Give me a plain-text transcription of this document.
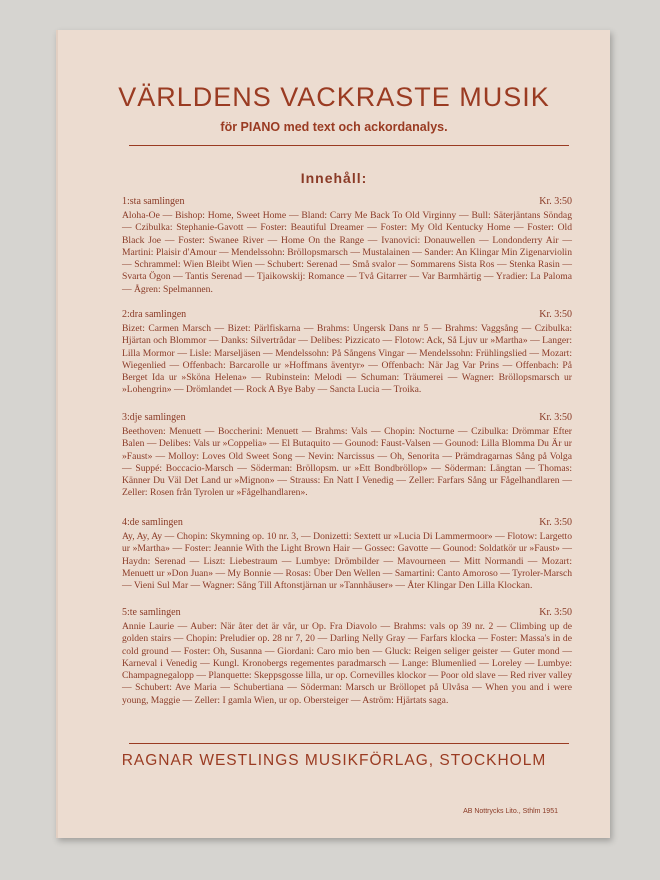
VÄRLDENS VACKRASTE MUSIK
för PIANO med text och ackordanalys.
Innehåll:
1:sta samlingen	Kr. 3:50

Aloha-Oe — Bishop: Home, Sweet Home — Bland: Carry Me Back To Old Virginny — Bull: Säterjäntans Söndag — Czibulka: Stephanie-Gavott — Foster: Beautiful Dreamer — Foster: My Old Kentucky Home — Foster: Old Black Joe — Foster: Swanee River — Home On the Range — Ivanovici: Donauwellen — Londonderry Air — Martini: Plaisir d'Amour — Mendelssohn: Bröllopsmarsch — Mustalainen — Sander: An Klingar Min Zigenarviolin — Schrammel: Wien Bleibt Wien — Schubert: Serenad — Små svalor — Sommarens Sista Ros — Stenka Rasin — Svarta Ögon — Tantis Serenad — Tjaikowskij: Romance — Två Gitarrer — Var Barmhärtig — Yradier: La Paloma — Ågren: Spelmannen.

2:dra samlingen	Kr. 3:50

Bizet: Carmen Marsch — Bizet: Pärlfiskarna — Brahms: Ungersk Dans nr 5 — Brahms: Vaggsång — Czibulka: Hjärtan och Blommor — Danks: Silvertrådar — Delibes: Pizzicato — Flotow: Ack, Så Ljuv ur »Martha» — Langer: Lilla Mormor — Lisle: Marseljäsen — Mendelssohn: På Sångens Vingar — Mendelssohn: Frühlingslied — Mozart: Wiegenlied — Offenbach: Barcarolle ur »Hoffmans äventyr» — Offenbach: När Jag Var Prins — Offenbach: På Berget Ida ur »Sköna Helena» — Rubinstein: Melodi — Schuman: Träumerei — Wagner: Bröllopsmarsch ur »Lohengrin» — Drömlandet — Rock A Bye Baby — Sancta Lucia — Troika.

3:dje samlingen	Kr. 3:50

Beethoven: Menuett — Boccherini: Menuett — Brahms: Vals — Chopin: Nocturne — Czibulka: Drömmar Efter Balen — Delibes: Vals ur »Coppelia» — El Butaquito — Gounod: Faust-Valsen — Gounod: Lilla Blomma Du Är ur »Faust» — Molloy: Loves Old Sweet Song — Nevin: Narcissus — Oh, Senorita — Prämdragarnas Sång på Volga — Suppé: Boccacio-Marsch — Söderman: Bröllopsm. ur »Ett Bondbröllop» — Söderman: Längtan — Thomas: Känner Du Väl Det Land ur »Mignon» — Strauss: En Natt I Venedig — Zeller: Farfars Sång ur Fågelhandlaren — Zeller: Rosen från Tyrolen ur »Fågelhandlaren».

4:de samlingen	Kr. 3:50

Ay, Ay, Ay — Chopin: Skymning op. 10 nr. 3, — Donizetti: Sextett ur »Lucia Di Lammermoor» — Flotow: Largetto ur »Martha» — Foster: Jeannie With the Light Brown Hair — Gossec: Gavotte — Gounod: Soldatkör ur »Faust» — Haydn: Serenad — Liszt: Liebestraum — Lumbye: Drömbilder — Mavourneen — Mitt Normandi — Mozart: Menuett ur »Don Juan» — My Bonnie — Rosas: Über Den Wellen — Samartini: Canto Amoroso — Tyroler-Marsch — Vieni Sul Mar — Wagner: Sång Till Aftonstjärnan ur »Tannhäuser» — Åter Klingar Den Lilla Klockan.

5:te samlingen	Kr. 3:50

Annie Laurie — Auber: När åter det är vår, ur Op. Fra Diavolo — Brahms: vals op 39 nr. 2 — Climbing up de golden stairs — Chopin: Preludier op. 28 nr 7, 20 — Darling Nelly Gray — Farfars klocka — Foster: Massa's in de cold ground — Foster: Oh, Susanna — Giordani: Caro mio ben — Gluck: Reigen seliger geister — Guter mond — Karneval i Venedig — Kungl. Kronobergs regementes paradmarsch — Lange: Blumenlied — Loreley — Lumbye: Champagnegalopp — Planquette: Skeppsgosse lilla, ur op. Cornevilles klockor — Poor old slave — Red river valley — Schubert: Ave Maria — Schubertiana — Söderman: Marsch ur Bröllopet på Ulvåsa — When you and i were young, Maggie — Zeller: I gamla Wien, ur op. Obersteiger — Aström: Hjärtats saga.

RAGNAR WESTLINGS MUSIKFÖRLAG, STOCKHOLM
AB Nottrycks Lito., Sthlm 1951
